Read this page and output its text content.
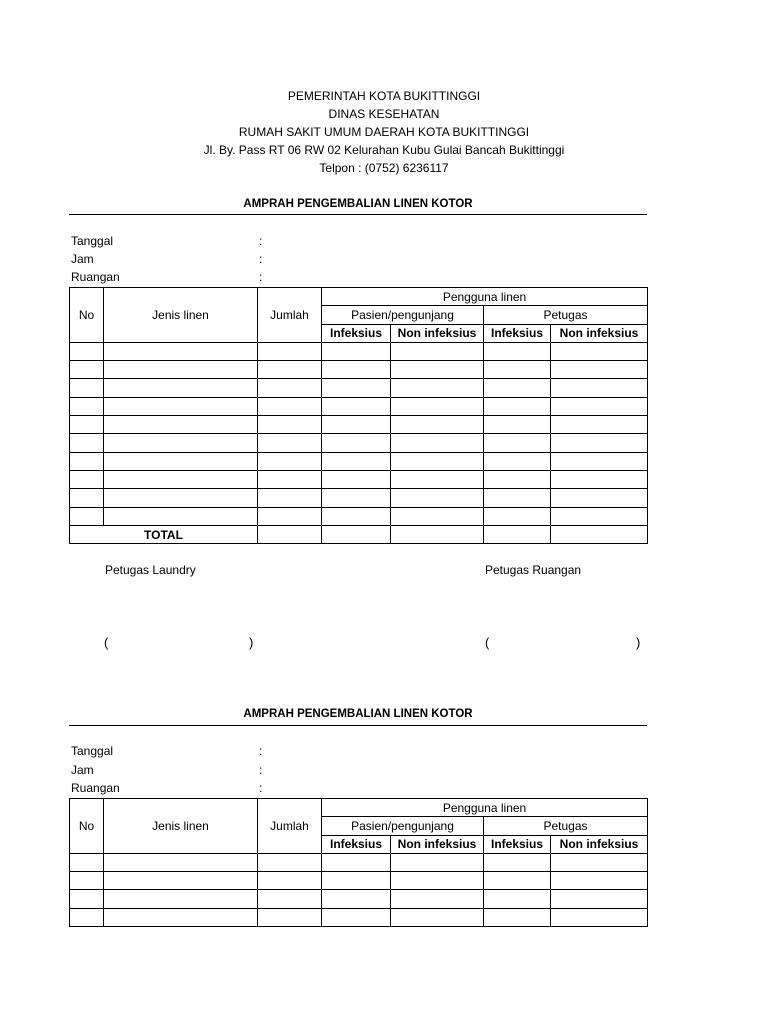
PEMERINTAH KOTA BUKITTINGGI
DINAS KESEHATAN
RUMAH SAKIT UMUM DAERAH KOTA BUKITTINGGI
Jl. By. Pass RT 06 RW 02 Kelurahan Kubu Gulai Bancah Bukittinggi
Telpon : (0752) 6236117
AMPRAH PENGEMBALIAN LINEN KOTOR
Tanggal	:
Jam	:
Ruangan	:
No	Jenis linen	Jumlah	Pengguna linen			
			Pasien/pengunjang		Petugas	
			Infeksius	Non infeksius	Infeksius	Non infeksius

TOTAL						
Petugas Laundry	Petugas Ruangan
(	)	(	)
AMPRAH PENGEMBALIAN LINEN KOTOR
Tanggal	:
Jam	:
Ruangan	:
No	Jenis linen	Jumlah	Pengguna linen			
			Pasien/pengunjang		Petugas	
			Infeksius	Non infeksius	Infeksius	Non infeksius
